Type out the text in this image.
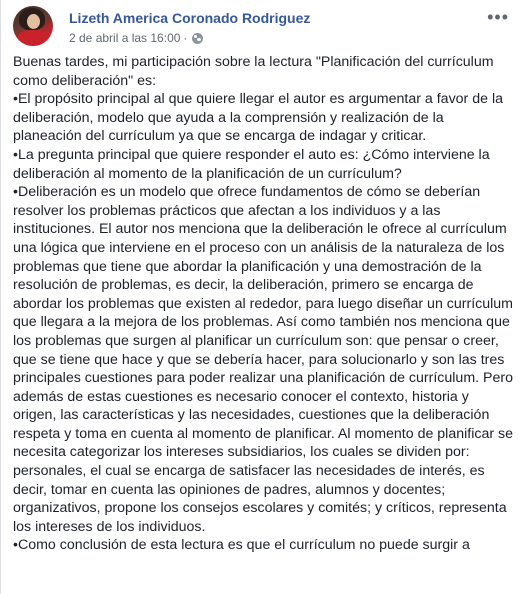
Lizeth America Coronado Rodriguez
2 de abril a las 16:00 ·
•••

Buenas tardes, mi participación sobre la lectura "Planificación del currículum como deliberación" es:

•El propósito principal al que quiere llegar el autor es argumentar a favor de la deliberación, modelo que ayuda a la comprensión y realización de la planeación del currículum ya que se encarga de indagar y criticar.

•La pregunta principal que quiere responder el auto es: ¿Cómo interviene la deliberación al momento de la planificación de un currículum?

•Deliberación es un modelo que ofrece fundamentos de cómo se deberían resolver los problemas prácticos que afectan a los individuos y a las instituciones. El autor nos menciona que la deliberación le ofrece al currículum una lógica que interviene en el proceso con un análisis de la naturaleza de los problemas que tiene que abordar la planificación y una demostración de la resolución de problemas, es decir, la deliberación, primero se encarga de abordar los problemas que existen al rededor, para luego diseñar un currículum que llegara a la mejora de los problemas. Así como también nos menciona que los problemas que surgen al planificar un currículum son: que pensar o creer, que se tiene que hace y que se debería hacer, para solucionarlo y son las tres principales cuestiones para poder realizar una planificación de currículum. Pero además de estas cuestiones es necesario conocer el contexto, historia y origen, las características y las necesidades, cuestiones que la deliberación respeta y toma en cuenta al momento de planificar. Al momento de planificar se necesita categorizar los intereses subsidiarios, los cuales se dividen por: personales, el cual se encarga de satisfacer las necesidades de interés, es decir, tomar en cuenta las opiniones de padres, alumnos y docentes; organizativos, propone los consejos escolares y comités; y críticos, representa los intereses de los individuos.

•Como conclusión de esta lectura es que el currículum no puede surgir a
